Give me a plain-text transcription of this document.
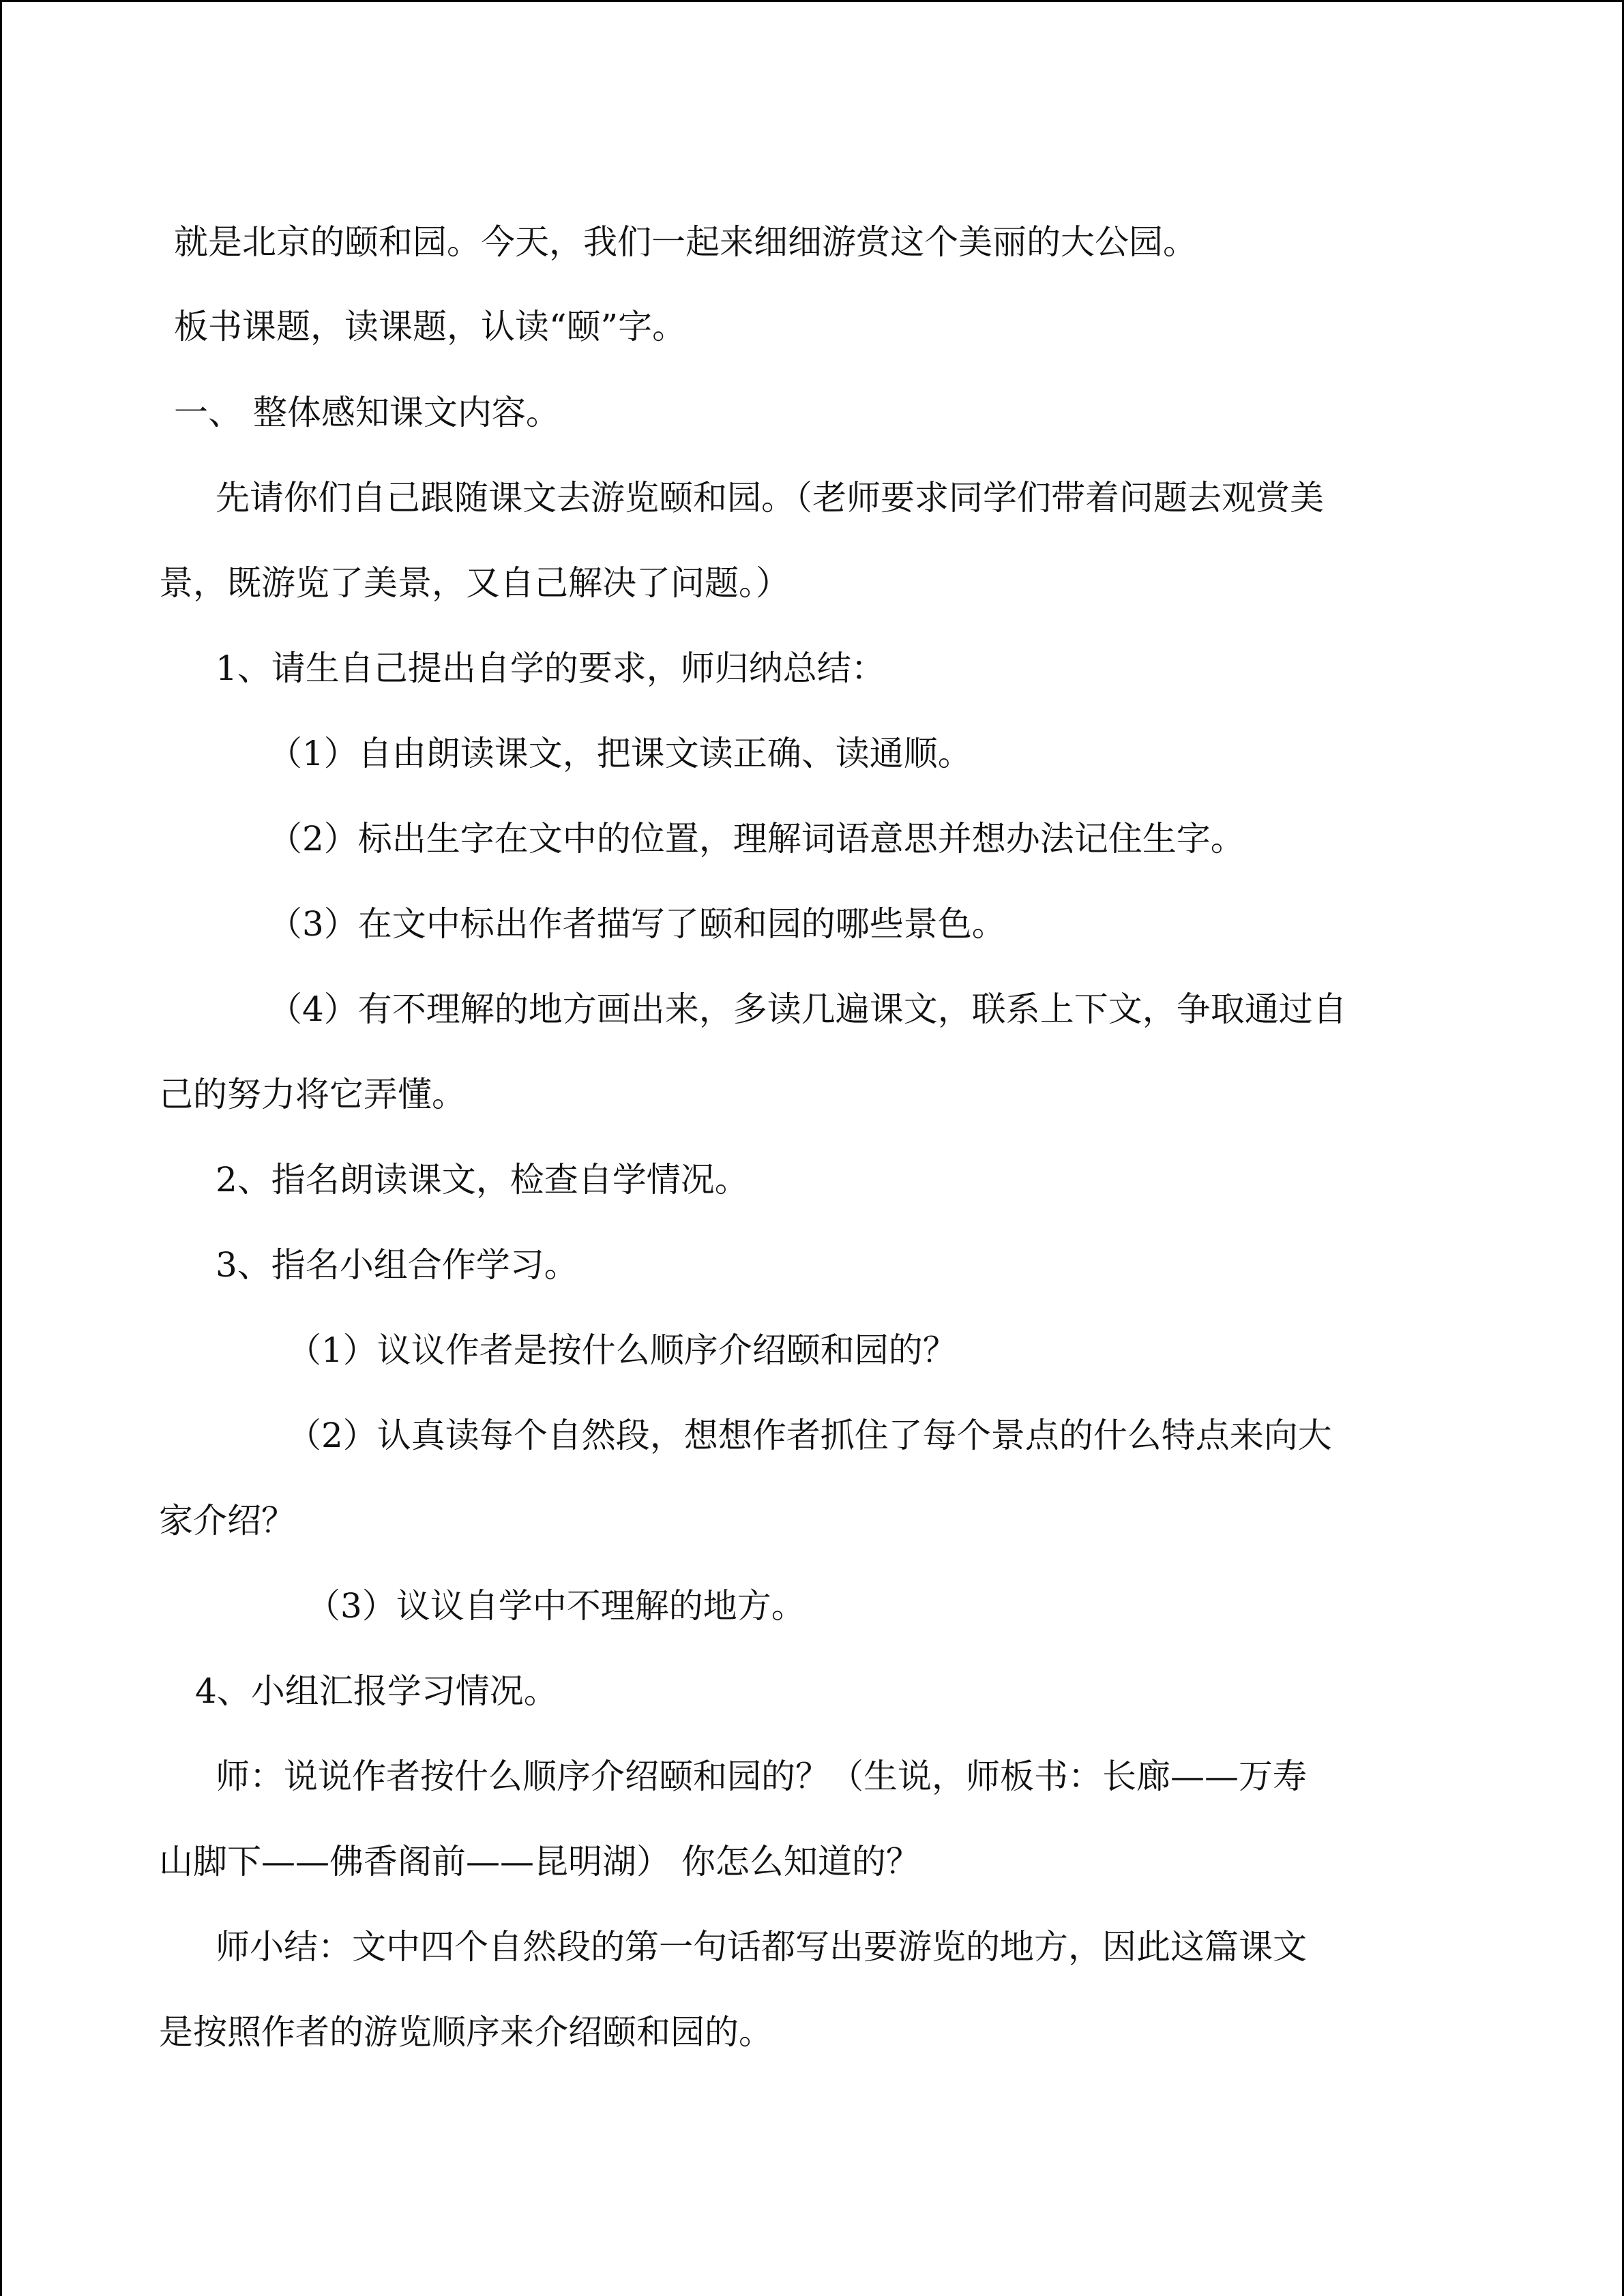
就是北京的颐和园。今天，我们一起来细细游赏这个美丽的大公园。
板书课题，读课题，认读“颐”字。
一、 整体感知课文内容。
先请你们自己跟随课文去游览颐和园。（老师要求同学们带着问题去观赏美
景，既游览了美景，又自己解决了问题。）
1、请生自己提出自学的要求，师归纳总结：
（1）自由朗读课文，把课文读正确、读通顺。
（2）标出生字在文中的位置，理解词语意思并想办法记住生字。
（3）在文中标出作者描写了颐和园的哪些景色。
（4）有不理解的地方画出来，多读几遍课文，联系上下文，争取通过自
己的努力将它弄懂。
2、指名朗读课文，检查自学情况。
3、指名小组合作学习。
（1）议议作者是按什么顺序介绍颐和园的？
（2）认真读每个自然段，想想作者抓住了每个景点的什么特点来向大
家介绍？
（3）议议自学中不理解的地方。
4、小组汇报学习情况。
师：说说作者按什么顺序介绍颐和园的？（生说，师板书：长廊——万寿
山脚下——佛香阁前——昆明湖） 你怎么知道的？
师小结：文中四个自然段的第一句话都写出要游览的地方，因此这篇课文
是按照作者的游览顺序来介绍颐和园的。
